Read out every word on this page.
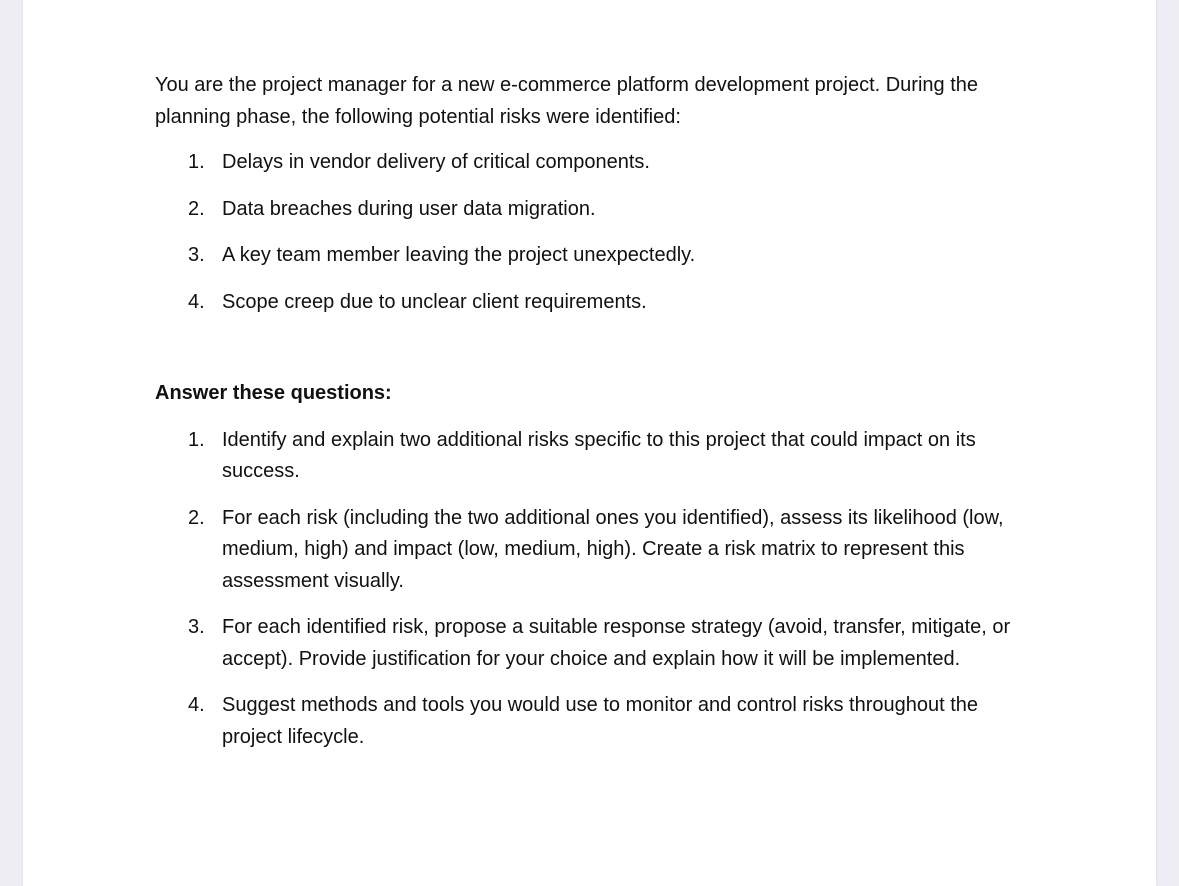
You are the project manager for a new e-commerce platform development project. During the planning phase, the following potential risks were identified:

1. Delays in vendor delivery of critical components.
2. Data breaches during user data migration.
3. A key team member leaving the project unexpectedly.
4. Scope creep due to unclear client requirements.

Answer these questions:

1. Identify and explain two additional risks specific to this project that could impact on its success.
2. For each risk (including the two additional ones you identified), assess its likelihood (low, medium, high) and impact (low, medium, high). Create a risk matrix to represent this assessment visually.
3. For each identified risk, propose a suitable response strategy (avoid, transfer, mitigate, or accept). Provide justification for your choice and explain how it will be implemented.
4. Suggest methods and tools you would use to monitor and control risks throughout the project lifecycle.
